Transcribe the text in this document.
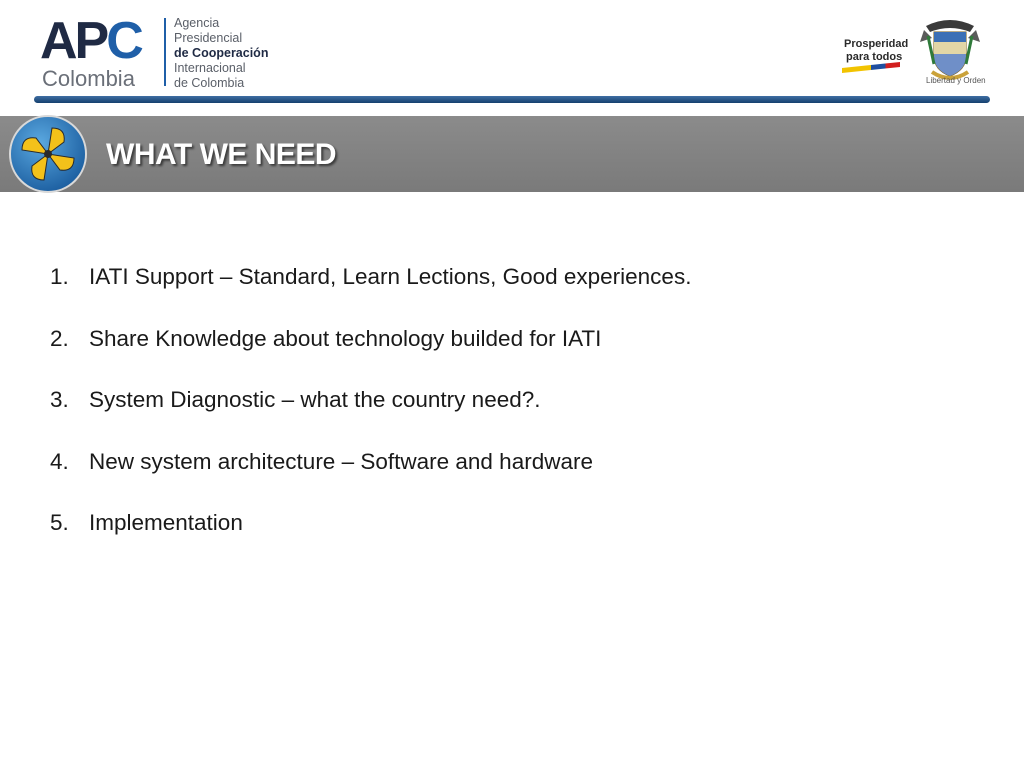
APC
Colombia
Agencia
Presidencial
de Cooperación
Internacional
de Colombia
Prosperidad
para todos
Libertad y Orden
WHAT WE NEED
1. IATI Support – Standard, Learn Lections, Good experiences.
2. Share Knowledge about technology builded for IATI
3. System Diagnostic – what the country need?.
4. New system architecture – Software and hardware
5. Implementation
